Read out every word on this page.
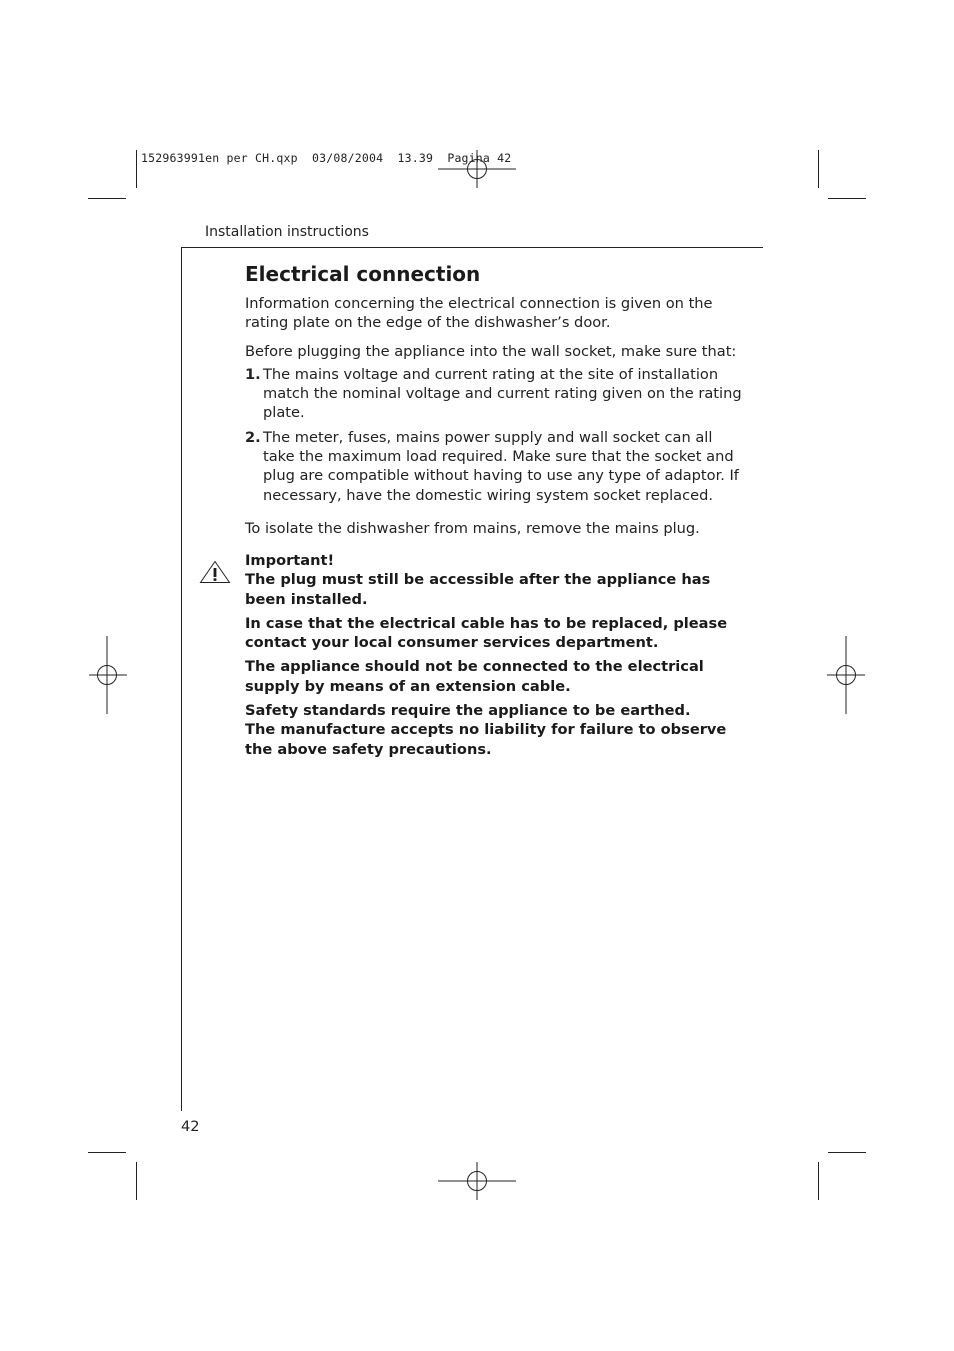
152963991en per CH.qxp  03/08/2004  13.39  Pagina 42
Installation instructions
Electrical connection

Information concerning the electrical connection is given on the rating plate on the edge of the dishwasher’s door.

Before plugging the appliance into the wall socket, make sure that:

1. The mains voltage and current rating at the site of installation match the nominal voltage and current rating given on the rating plate.
2. The meter, fuses, mains power supply and wall socket can all take the maximum load required. Make sure that the socket and plug are compatible without having to use any type of adaptor. If necessary, have the domestic wiring system socket replaced.

To isolate the dishwasher from mains, remove the mains plug.

Important!
The plug must still be accessible after the appliance has been installed.

In case that the electrical cable has to be replaced, please contact your local consumer services department.

The appliance should not be connected to the electrical supply by means of an extension cable.

Safety standards require the appliance to be earthed.
The manufacture accepts no liability for failure to observe the above safety precautions.

42
